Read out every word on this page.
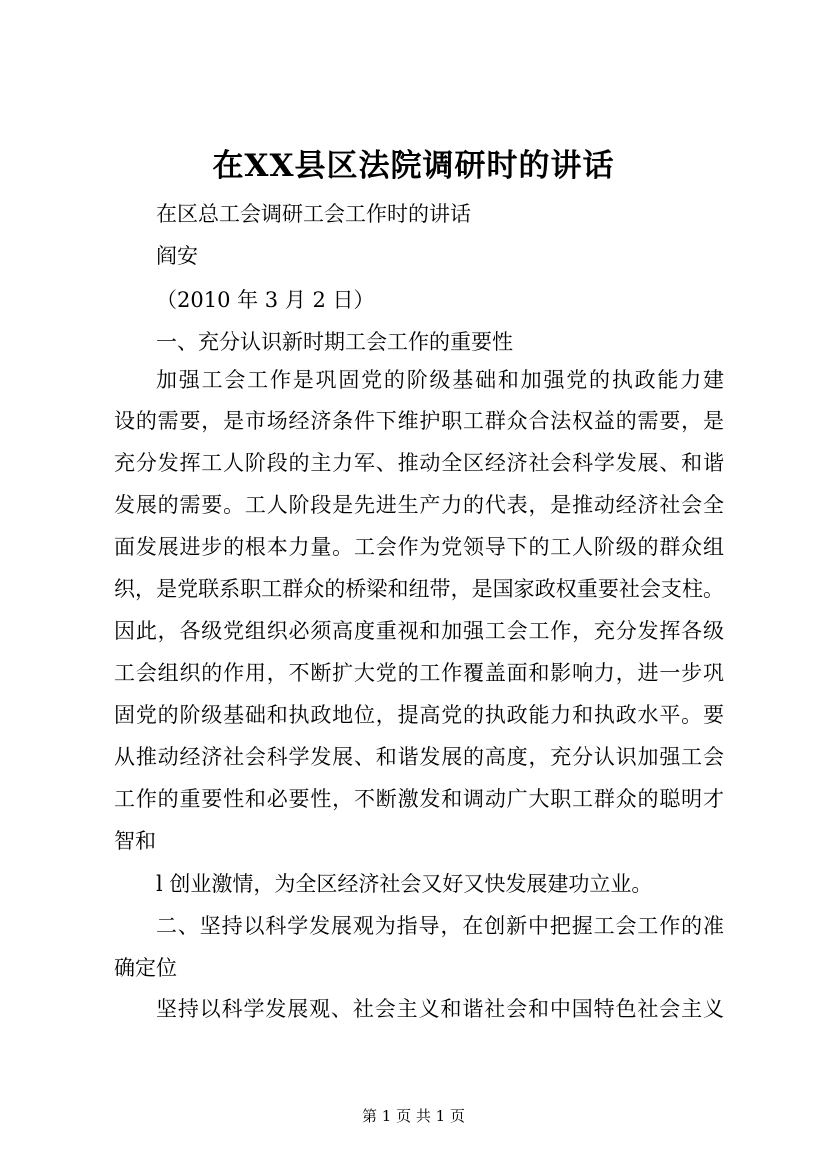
在XX县区法院调研时的讲话
在区总工会调研工会工作时的讲话
阎安
（2010 年 3 月 2 日）
一、充分认识新时期工会工作的重要性
加强工会工作是巩固党的阶级基础和加强党的执政能力建
设的需要，是市场经济条件下维护职工群众合法权益的需要，是
充分发挥工人阶段的主力军、推动全区经济社会科学发展、和谐
发展的需要。工人阶段是先进生产力的代表，是推动经济社会全
面发展进步的根本力量。工会作为党领导下的工人阶级的群众组
织，是党联系职工群众的桥梁和纽带，是国家政权重要社会支柱。
因此，各级党组织必须高度重视和加强工会工作，充分发挥各级
工会组织的作用，不断扩大党的工作覆盖面和影响力，进一步巩
固党的阶级基础和执政地位，提高党的执政能力和执政水平。要
从推动经济社会科学发展、和谐发展的高度，充分认识加强工会
工作的重要性和必要性，不断激发和调动广大职工群众的聪明才
智和
l 创业激情，为全区经济社会又好又快发展建功立业。
二、坚持以科学发展观为指导，在创新中把握工会工作的准
确定位
坚持以科学发展观、社会主义和谐社会和中国特色社会主义
第 1 页 共 1 页
